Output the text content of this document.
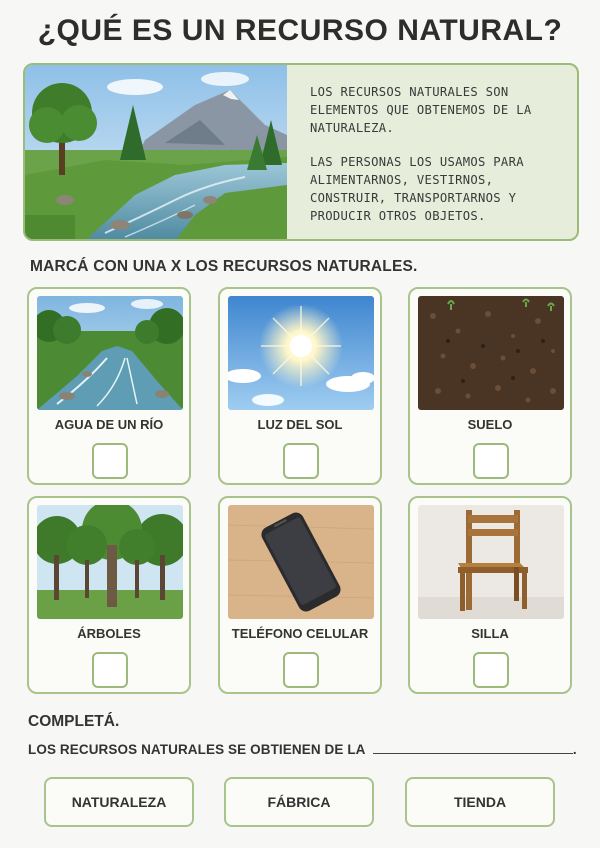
¿QUÉ ES UN RECURSO NATURAL?

LOS RECURSOS NATURALES SON ELEMENTOS QUE OBTENEMOS DE LA NATURALEZA.

LAS PERSONAS LOS USAMOS PARA ALIMENTARNOS, VESTIRNOS, CONSTRUIR, TRANSPORTARNOS Y PRODUCIR OTROS OBJETOS.

MARCÁ CON UNA X LOS RECURSOS NATURALES.
AGUA DE UN RÍO	LUZ DEL SOL	SUELO
ÁRBOLES	TELÉFONO CELULAR	SILLA
COMPLETÁ.
LOS RECURSOS NATURALES SE OBTIENEN DE LA	.
NATURALEZA	FÁBRICA	TIENDA
